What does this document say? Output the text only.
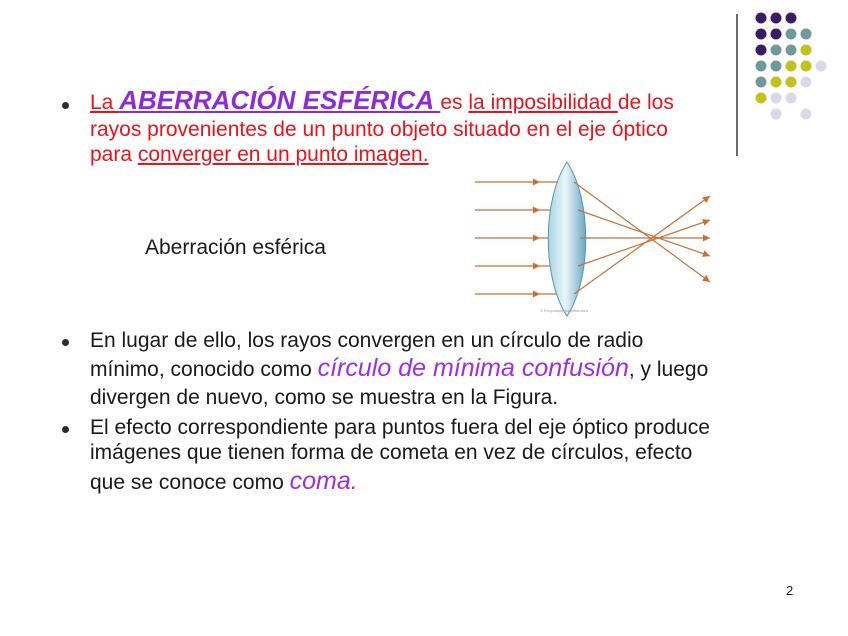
La ABERRACIÓN ESFÉRICA es la imposibilidad de los
rayos provenientes de un punto objeto situado en el eje óptico
para converger en un punto imagen.
Aberración esférica
© Encyclopædia Britannica
En lugar de ello, los rayos convergen en un círculo de radio
mínimo, conocido como círculo de mínima confusión, y luego
divergen de nuevo, como se muestra en la Figura.
El efecto correspondiente para puntos fuera del eje óptico produce
imágenes que tienen forma de cometa en vez de círculos, efecto
que se conoce como coma.
2
